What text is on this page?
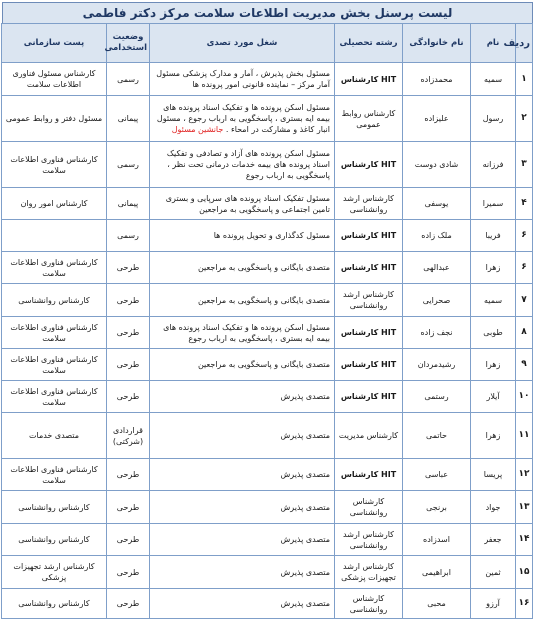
لیست پرسنل بخش مدیریت اطلاعات سلامت مرکز دکتر فاطمی
ردیف	نام	نام خانوادگی	رشته تحصیلی	شغل مورد تصدی	وضعیت استخدامی	پست سازمانی
۱	سمیه	محمدزاده	HIT کارشناس	مسئول بخش پذیرش ، آمار و مدارک پزشکی مسئول آمار مرکز – نماینده قانونی امور پرونده ها	رسمی	کارشناس مسئول فناوری اطلاعات سلامت
۲	رسول	علیزاده	کارشناس روابط عمومی	مسئول اسکن پرونده ها و تفکیک اسناد پرونده های بیمه ایه بستری ، پاسخگویی به ارباب رجوع ، مسئول انبار کاغذ و مشارکت در امحاء . جانشین مسئول	پیمانی	مسئول دفتر و روابط عمومی
۳	فرزانه	شادی دوست	HIT کارشناس	مسئول اسکن پرونده های آزاد و تصادفی و تفکیک اسناد پرونده های بیمه خدمات درمانی تحت نظر ، پاسخگویی به ارباب رجوع	رسمی	کارشناس فناوری اطلاعات سلامت
۴	سمیرا	یوسفی	کارشناس ارشد روانشناسی	مسئول تفکیک اسناد پرونده های سرپایی و بستری تامین اجتماعی و پاسخگویی به مراجعین	پیمانی	کارشناس امور روان
۶	فریبا	ملک زاده	HIT کارشناس	مسئول کدگذاری و تحویل پرونده ها	رسمی	
۶	زهرا	عبدالهی	HIT کارشناس	متصدی بایگانی و پاسخگویی به مراجعین	طرحی	کارشناس فناوری اطلاعات سلامت
۷	سمیه	صحرایی	کارشناس ارشد روانشناسی	متصدی بایگانی و پاسخگویی به مراجعین	طرحی	کارشناس روانشناسی
۸	طوبی	نجف زاده	HIT کارشناس	مسئول اسکن پرونده ها و تفکیک اسناد پرونده های بیمه ایه بستری ، پاسخگویی به ارباب رجوع	طرحی	کارشناس فناوری اطلاعات سلامت
۹	زهرا	رشیدمردان	HIT کارشناس	متصدی بایگانی و پاسخگویی به مراجعین	طرحی	کارشناس فناوری اطلاعات سلامت
۱۰	آیلار	رستمی	HIT کارشناس	متصدی پذیرش	طرحی	کارشناس فناوری اطلاعات سلامت
۱۱	زهرا	حاتمی	کارشناس مدیریت	متصدی پذیرش	قراردادی (شرکتی)	متصدی خدمات
۱۲	پریسا	عباسی	HIT کارشناس	متصدی پذیرش	طرحی	کارشناس فناوری اطلاعات سلامت
۱۳	جواد	برنجی	کارشناس روانشناسی	متصدی پذیرش	طرحی	کارشناس روانشناسی
۱۴	جعفر	اسدزاده	کارشناس ارشد روانشناسی	متصدی پذیرش	طرحی	کارشناس روانشناسی
۱۵	ثمین	ابراهیمی	کارشناس ارشد تجهیزات پزشکی	متصدی پذیرش	طرحی	کارشناس ارشد تجهیزات پزشکی
۱۶	آرزو	محبی	کارشناس روانشناسی	متصدی پذیرش	طرحی	کارشناس روانشناسی
